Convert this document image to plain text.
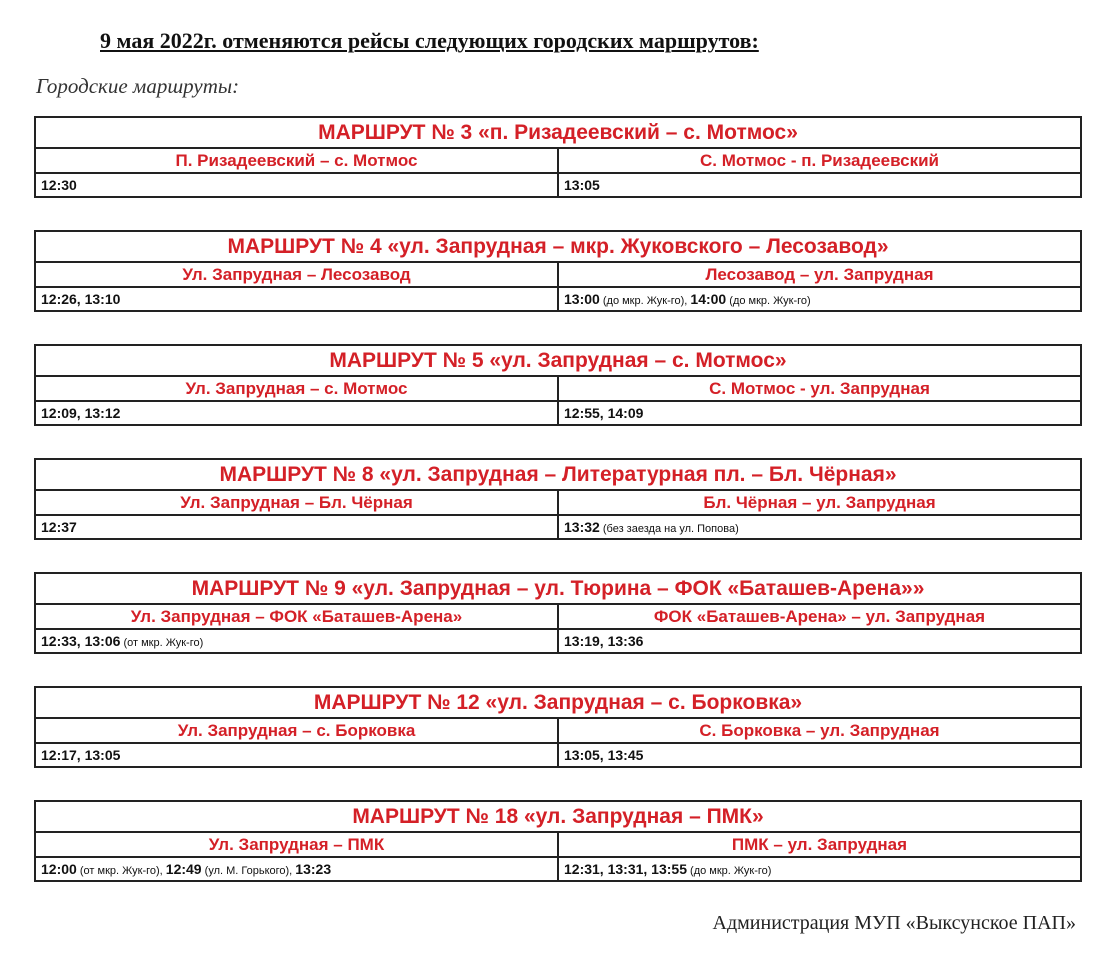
9 мая 2022г. отменяются рейсы следующих городских маршрутов:
Городские маршруты:
МАРШРУТ № 3 «п. Ризадеевский – с. Мотмос»
П. Ризадеевский – с. Мотмос	С. Мотмос - п. Ризадеевский
12:30	13:05
МАРШРУТ № 4 «ул. Запрудная – мкр. Жуковского – Лесозавод»
Ул. Запрудная – Лесозавод	Лесозавод – ул. Запрудная
12:26, 13:10	13:00 (до мкр. Жук-го), 14:00 (до мкр. Жук-го)
МАРШРУТ № 5 «ул. Запрудная – с. Мотмос»
Ул. Запрудная – с. Мотмос	С. Мотмос - ул. Запрудная
12:09, 13:12	12:55, 14:09
МАРШРУТ № 8 «ул. Запрудная – Литературная пл. – Бл. Чёрная»
Ул. Запрудная – Бл. Чёрная	Бл. Чёрная – ул. Запрудная
12:37	13:32 (без заезда на ул. Попова)
МАРШРУТ № 9 «ул. Запрудная – ул. Тюрина – ФОК «Баташев-Арена»»
Ул. Запрудная – ФОК «Баташев-Арена»	ФОК «Баташев-Арена» – ул. Запрудная
12:33, 13:06 (от мкр. Жук-го)	13:19, 13:36
МАРШРУТ № 12 «ул. Запрудная – с. Борковка»
Ул. Запрудная – с. Борковка	С. Борковка – ул. Запрудная
12:17, 13:05	13:05, 13:45
МАРШРУТ № 18 «ул. Запрудная – ПМК»
Ул. Запрудная – ПМК	ПМК – ул. Запрудная
12:00 (от мкр. Жук-го), 12:49 (ул. М. Горького), 13:23	12:31, 13:31, 13:55 (до мкр. Жук-го)
Администрация МУП «Выксунское ПАП»
